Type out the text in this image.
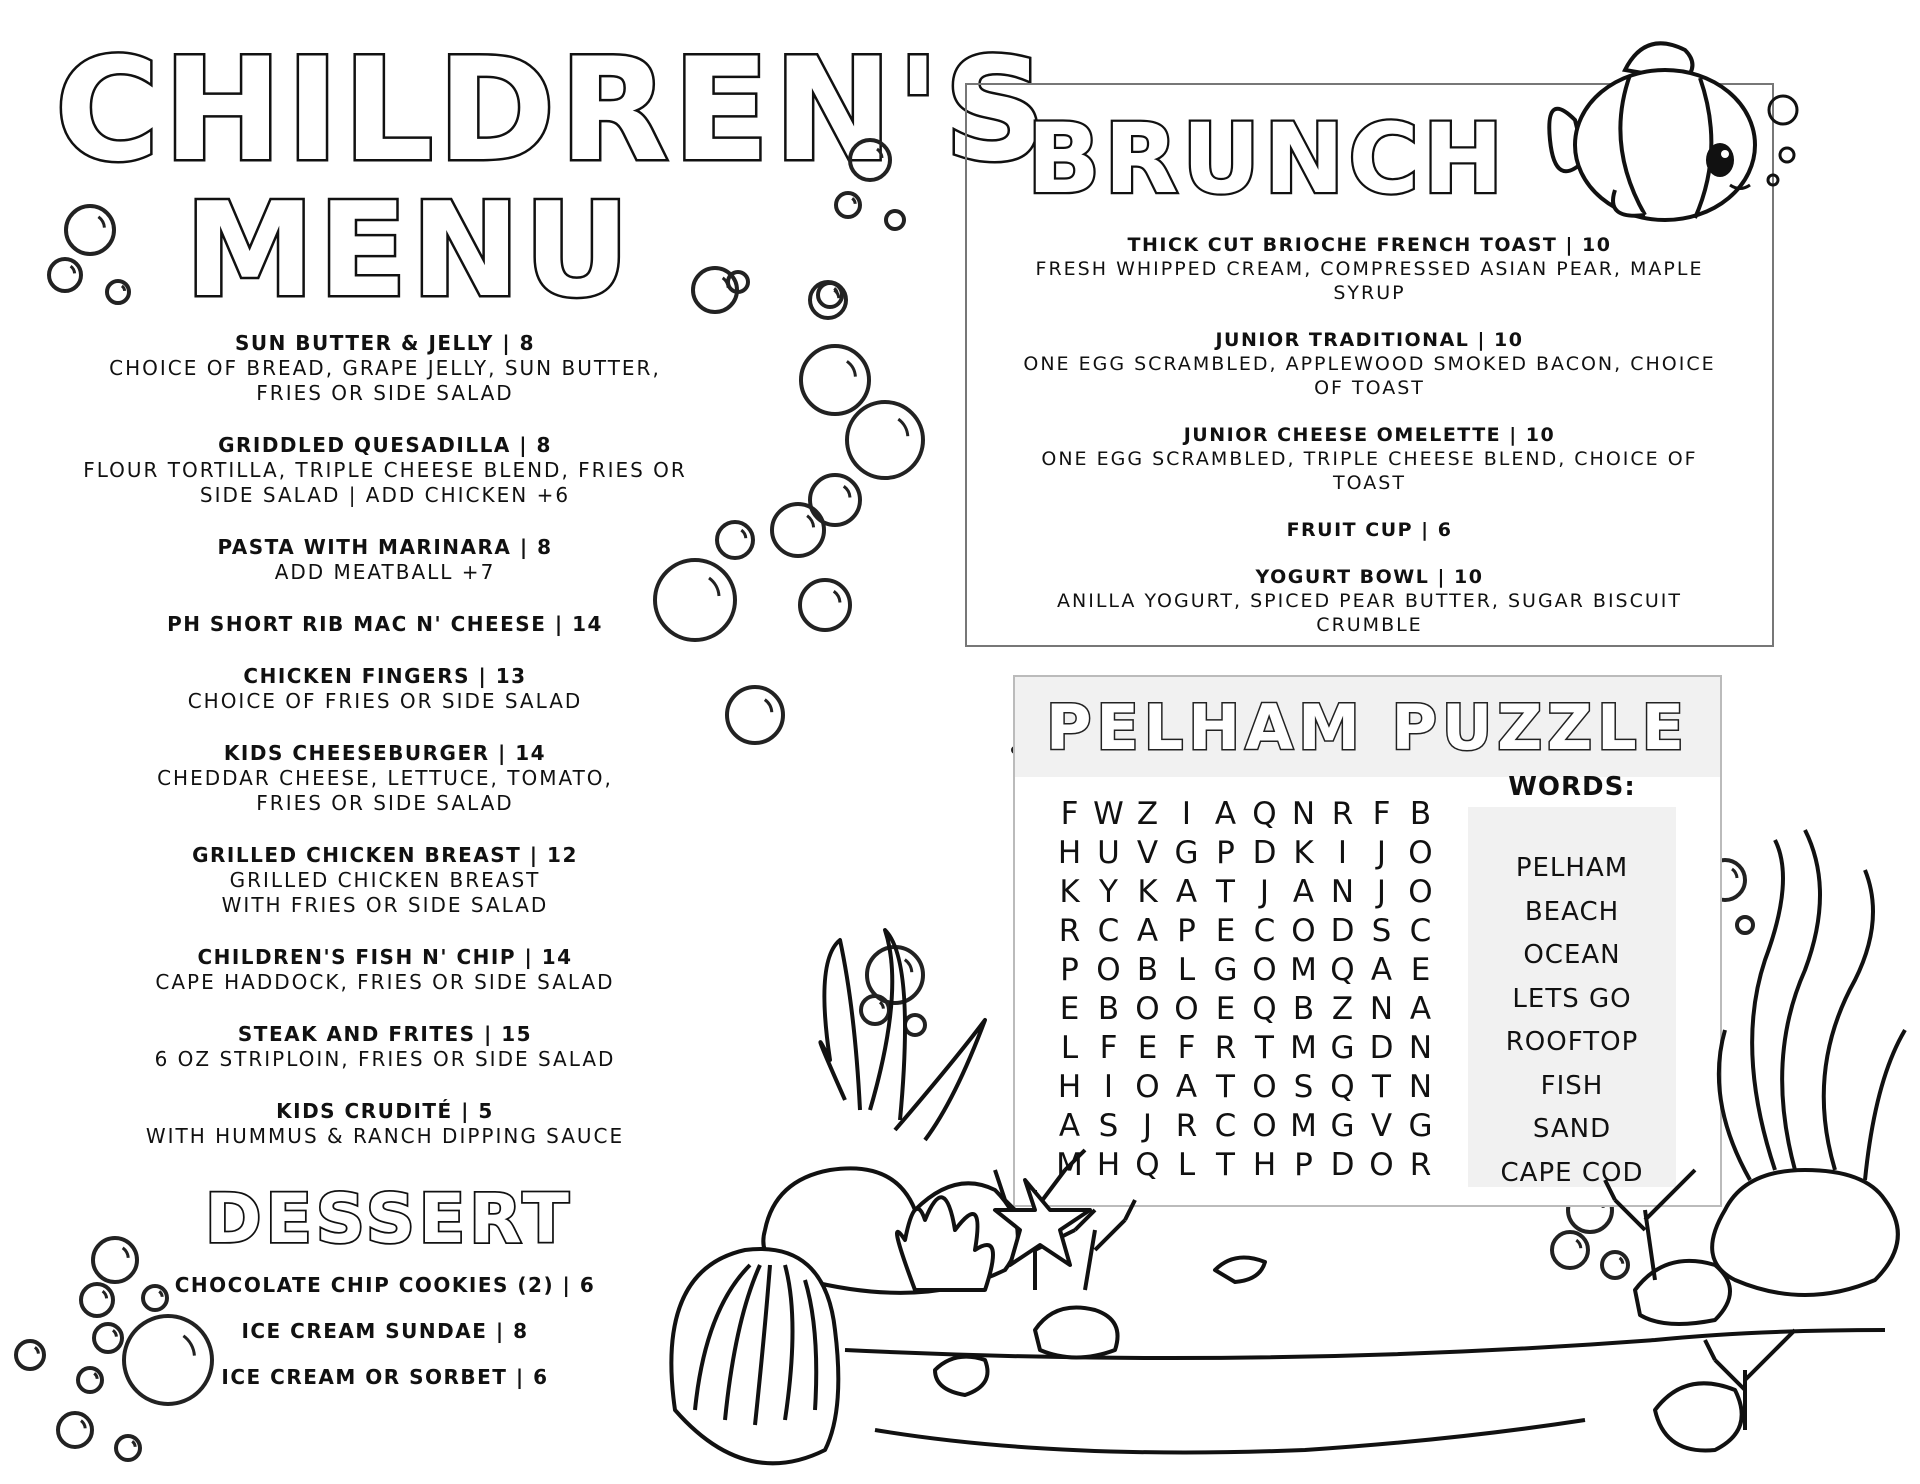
CHILDREN'S
MENU
SUN BUTTER & JELLY | 8
CHOICE OF BREAD, GRAPE JELLY, SUN BUTTER,
FRIES OR SIDE SALAD
GRIDDLED QUESADILLA | 8
FLOUR TORTILLA, TRIPLE CHEESE BLEND, FRIES OR
SIDE SALAD | ADD CHICKEN +6
PASTA WITH MARINARA | 8
ADD MEATBALL +7
PH SHORT RIB MAC N' CHEESE | 14
CHICKEN FINGERS | 13
CHOICE OF FRIES OR SIDE SALAD
KIDS CHEESEBURGER | 14
CHEDDAR CHEESE, LETTUCE, TOMATO,
FRIES OR SIDE SALAD
GRILLED CHICKEN BREAST | 12
GRILLED CHICKEN BREAST
WITH FRIES OR SIDE SALAD
CHILDREN'S FISH N' CHIP | 14
CAPE HADDOCK, FRIES OR SIDE SALAD
STEAK AND FRITES | 15
6 OZ STRIPLOIN, FRIES OR SIDE SALAD
KIDS CRUDITÉ | 5
WITH HUMMUS & RANCH DIPPING SAUCE
DESSERT
CHOCOLATE CHIP COOKIES (2) | 6
ICE CREAM SUNDAE | 8
ICE CREAM OR SORBET | 6
BRUNCH
THICK CUT BRIOCHE FRENCH TOAST | 10
FRESH WHIPPED CREAM, COMPRESSED ASIAN PEAR, MAPLE
SYRUP
JUNIOR TRADITIONAL | 10
ONE EGG SCRAMBLED, APPLEWOOD SMOKED BACON, CHOICE
OF TOAST
JUNIOR CHEESE OMELETTE | 10
ONE EGG SCRAMBLED, TRIPLE CHEESE BLEND, CHOICE OF
TOAST
FRUIT CUP | 6
YOGURT BOWL | 10
ANILLA YOGURT, SPICED PEAR BUTTER, SUGAR BISCUIT
CRUMBLE
PELHAM PUZZLE
F W Z I A Q N R F B
H U V G P D K I J O
K Y K A T J A N J O
R C A P E C O D S C
P O B L G O M Q A E
E B O O E Q B Z N A
L F E F R T M G D N
H I O A T O S Q T N
A S J R C O M G V G
M H Q L T H P D O R
PELHAM
BEACH
OCEAN
LETS GO
ROOFTOP
FISH
SAND
CAPE COD
WORDS:
